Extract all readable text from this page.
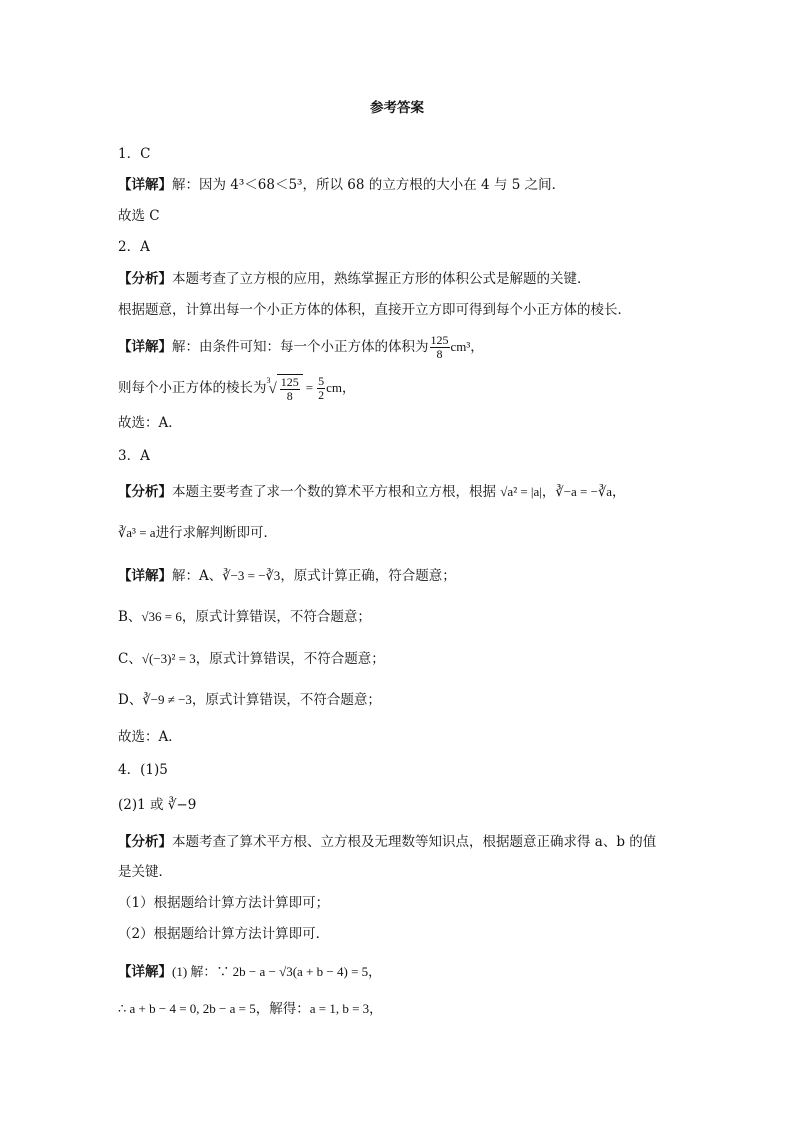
参考答案
1．C
【详解】解：因为 4³＜68＜5³，所以 68 的立方根的大小在 4 与 5 之间．
故选 C
2．A
【分析】本题考查了立方根的应用，熟练掌握正方形的体积公式是解题的关键．
根据题意，计算出每一个小正方体的体积，直接开立方即可得到每个小正方体的棱长．
【详解】解：由条件可知：每一个小正方体的体积为 $\frac{125}{8} cm^3$，
则每个小正方体的棱长为 3
√ $\frac{125}{8} = \frac{5}{2}$ cm，
故选：A．
3．A
【分析】本题主要考查了求一个数的算术平方根和立方根，根据 √a² = |a|，∛−a = −∛a，
∛a³ = a进行求解判断即可．
【详解】解：A、∛−3 = −∛3，原式计算正确，符合题意；
B、√36 = 6，原式计算错误，不符合题意；
C、√(−3)² = 3，原式计算错误，不符合题意；
D、∛−9 ≠ −3，原式计算错误，不符合题意；
故选：A．
4．(1)5
(2)1 或 ∛−9
【分析】本题考查了算术平方根、立方根及无理数等知识点，根据题意正确求得 a、b 的值
是关键．
（1）根据题给计算方法计算即可；
（2）根据题给计算方法计算即可．
【详解】(1) 解：∵ 2b − a − √3(a + b − 4) = 5，
∴ a + b − 4 = 0, 2b − a = 5，解得：a = 1, b = 3，
